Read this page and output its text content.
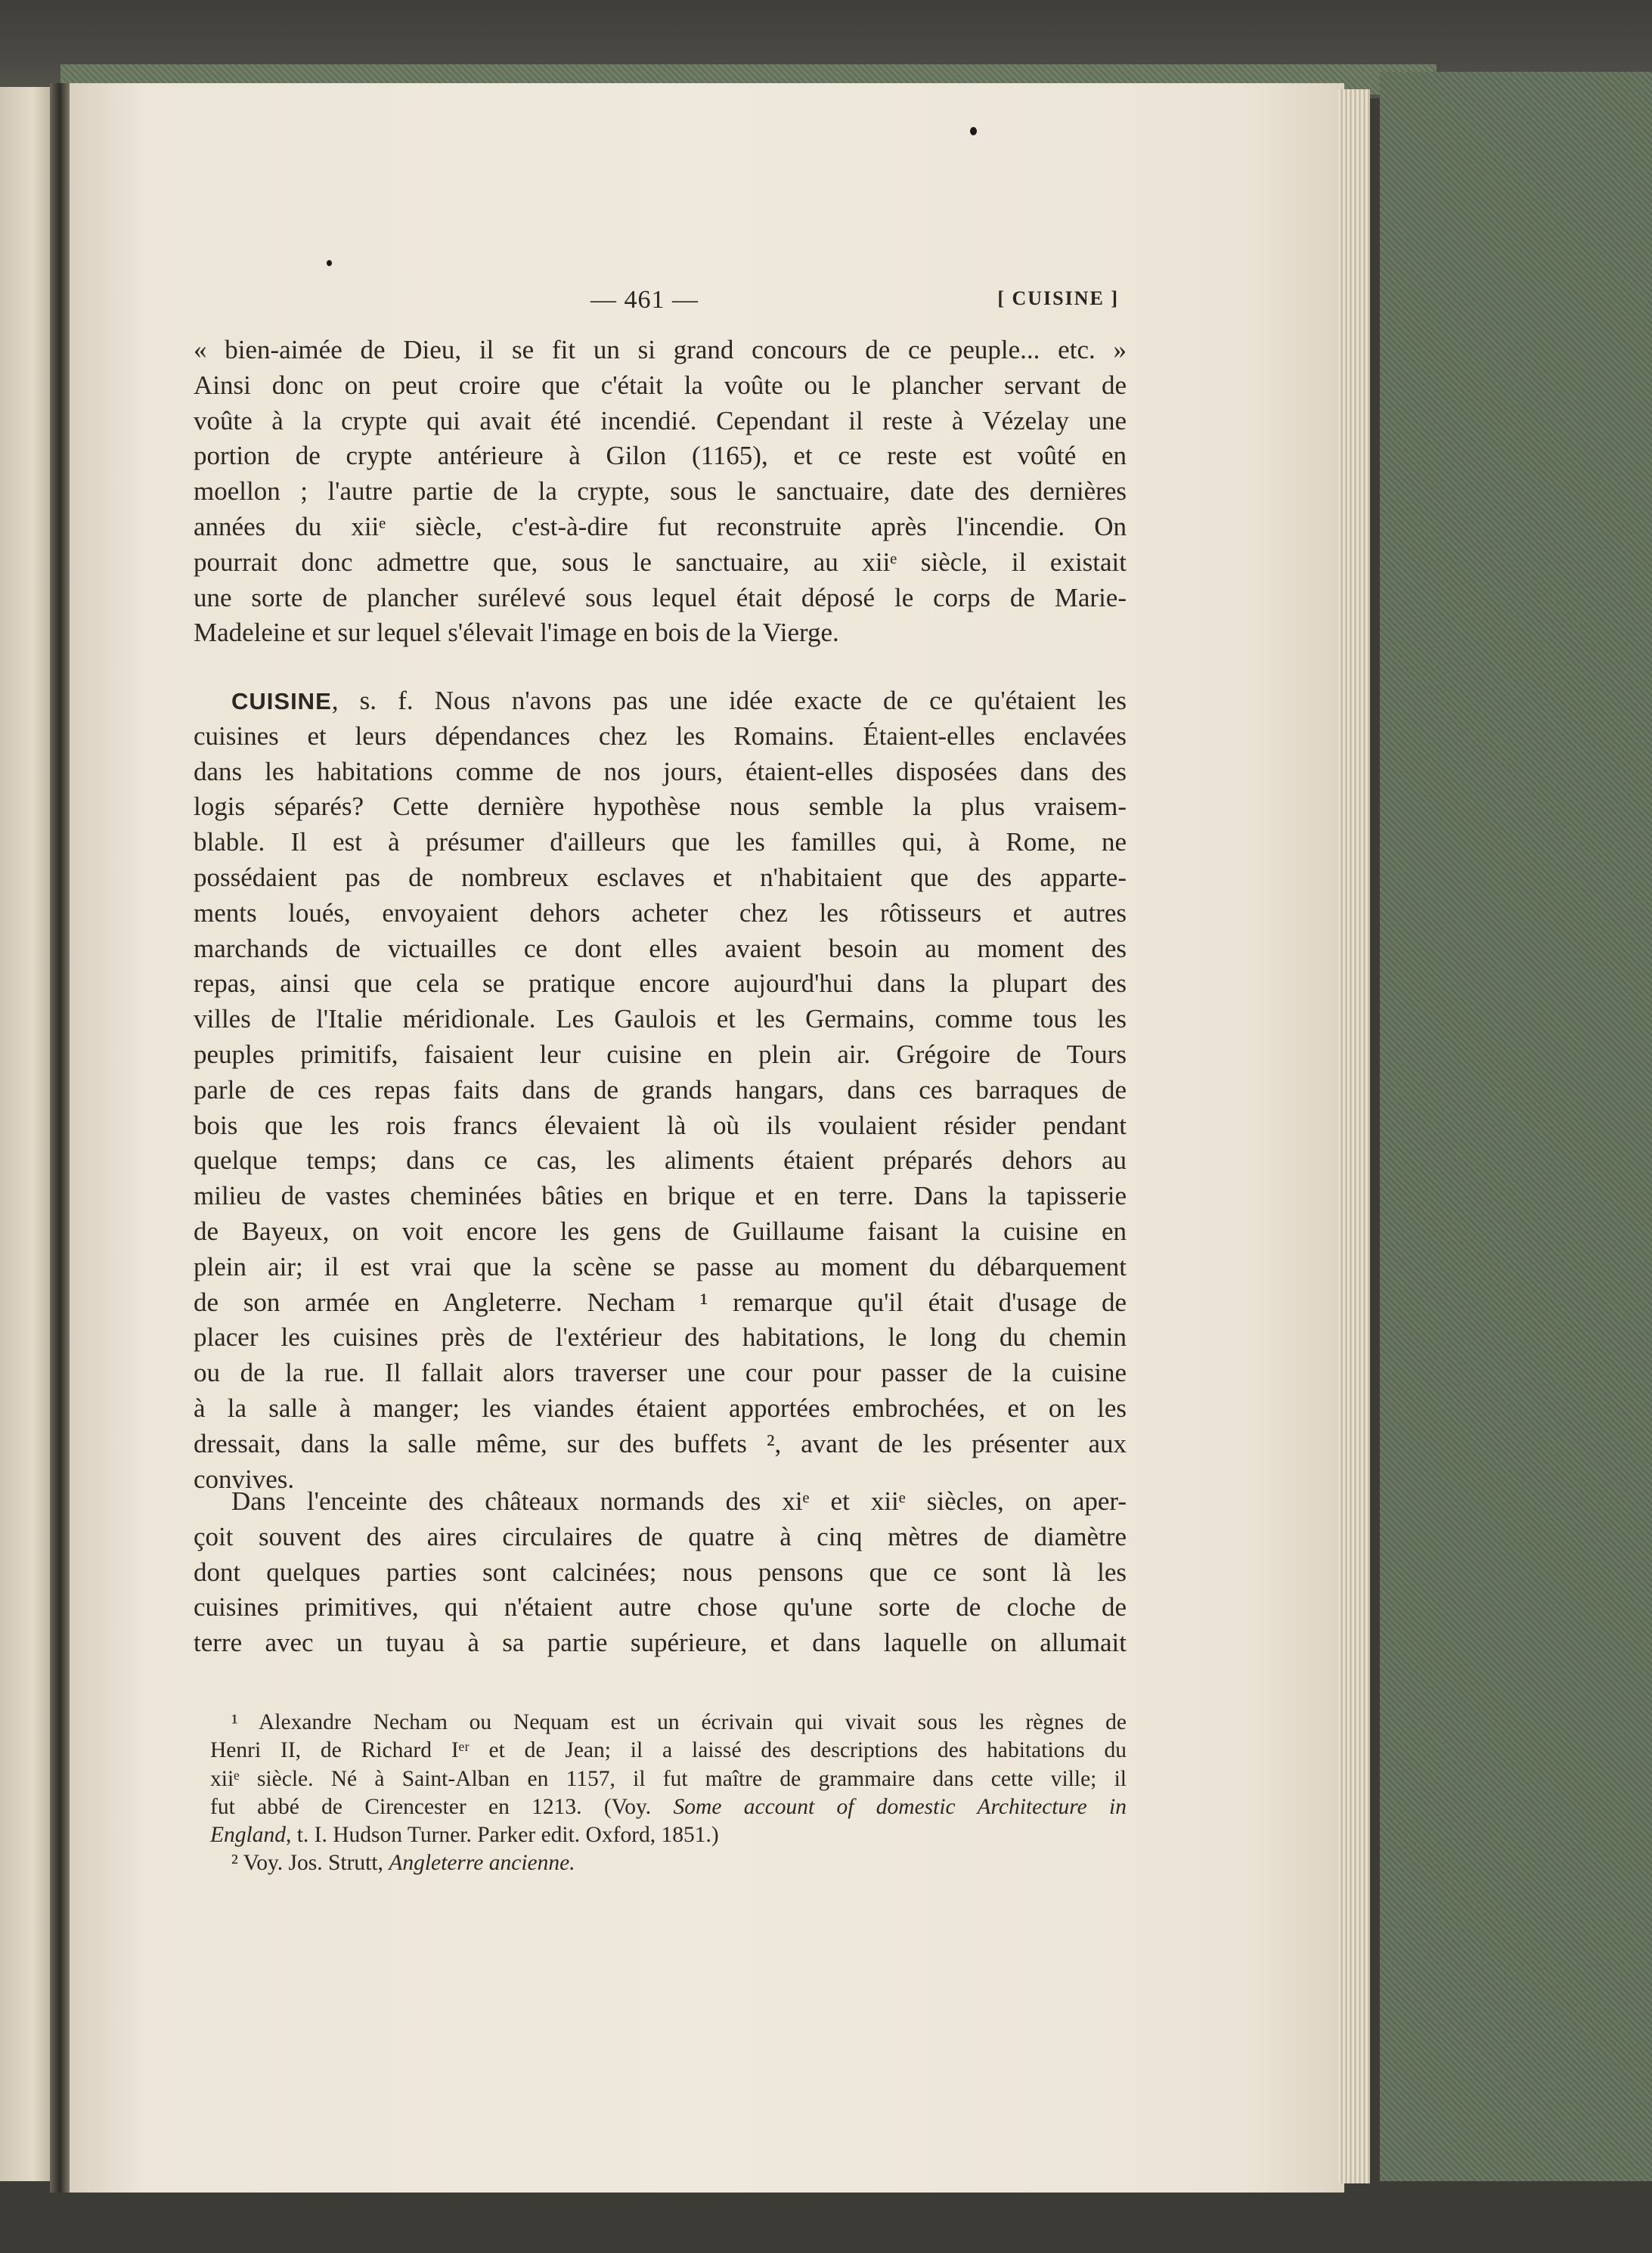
— 461 —	[ CUISINE ]
« bien-aimée de Dieu, il se fit un si grand concours de ce peuple... etc. »
Ainsi donc on peut croire que c'était la voûte ou le plancher servant de
voûte à la crypte qui avait été incendié. Cependant il reste à Vézelay une
portion de crypte antérieure à Gilon (1165), et ce reste est voûté en
moellon ; l'autre partie de la crypte, sous le sanctuaire, date des dernières
années du xiiᵉ siècle, c'est-à-dire fut reconstruite après l'incendie. On
pourrait donc admettre que, sous le sanctuaire, au xiiᵉ siècle, il existait
une sorte de plancher surélevé sous lequel était déposé le corps de Marie-
Madeleine et sur lequel s'élevait l'image en bois de la Vierge.
CUISINE, s. f. Nous n'avons pas une idée exacte de ce qu'étaient les
cuisines et leurs dépendances chez les Romains. Étaient-elles enclavées
dans les habitations comme de nos jours, étaient-elles disposées dans des
logis séparés? Cette dernière hypothèse nous semble la plus vraisem-
blable. Il est à présumer d'ailleurs que les familles qui, à Rome, ne
possédaient pas de nombreux esclaves et n'habitaient que des apparte-
ments loués, envoyaient dehors acheter chez les rôtisseurs et autres
marchands de victuailles ce dont elles avaient besoin au moment des
repas, ainsi que cela se pratique encore aujourd'hui dans la plupart des
villes de l'Italie méridionale. Les Gaulois et les Germains, comme tous les
peuples primitifs, faisaient leur cuisine en plein air. Grégoire de Tours
parle de ces repas faits dans de grands hangars, dans ces barraques de
bois que les rois francs élevaient là où ils voulaient résider pendant
quelque temps; dans ce cas, les aliments étaient préparés dehors au
milieu de vastes cheminées bâties en brique et en terre. Dans la tapisserie
de Bayeux, on voit encore les gens de Guillaume faisant la cuisine en
plein air; il est vrai que la scène se passe au moment du débarquement
de son armée en Angleterre. Necham ¹ remarque qu'il était d'usage de
placer les cuisines près de l'extérieur des habitations, le long du chemin
ou de la rue. Il fallait alors traverser une cour pour passer de la cuisine
à la salle à manger; les viandes étaient apportées embrochées, et on les
dressait, dans la salle même, sur des buffets ², avant de les présenter aux
convives.
Dans l'enceinte des châteaux normands des xiᵉ et xiiᵉ siècles, on aper-
çoit souvent des aires circulaires de quatre à cinq mètres de diamètre
dont quelques parties sont calcinées; nous pensons que ce sont là les
cuisines primitives, qui n'étaient autre chose qu'une sorte de cloche de
terre avec un tuyau à sa partie supérieure, et dans laquelle on allumait
¹ Alexandre Necham ou Nequam est un écrivain qui vivait sous les règnes de
Henri II, de Richard Iᵉʳ et de Jean; il a laissé des descriptions des habitations du
xiiᵉ siècle. Né à Saint-Alban en 1157, il fut maître de grammaire dans cette ville; il
fut abbé de Cirencester en 1213. (Voy. Some account of domestic Architecture in
England, t. I. Hudson Turner. Parker edit. Oxford, 1851.)
² Voy. Jos. Strutt, Angleterre ancienne.
